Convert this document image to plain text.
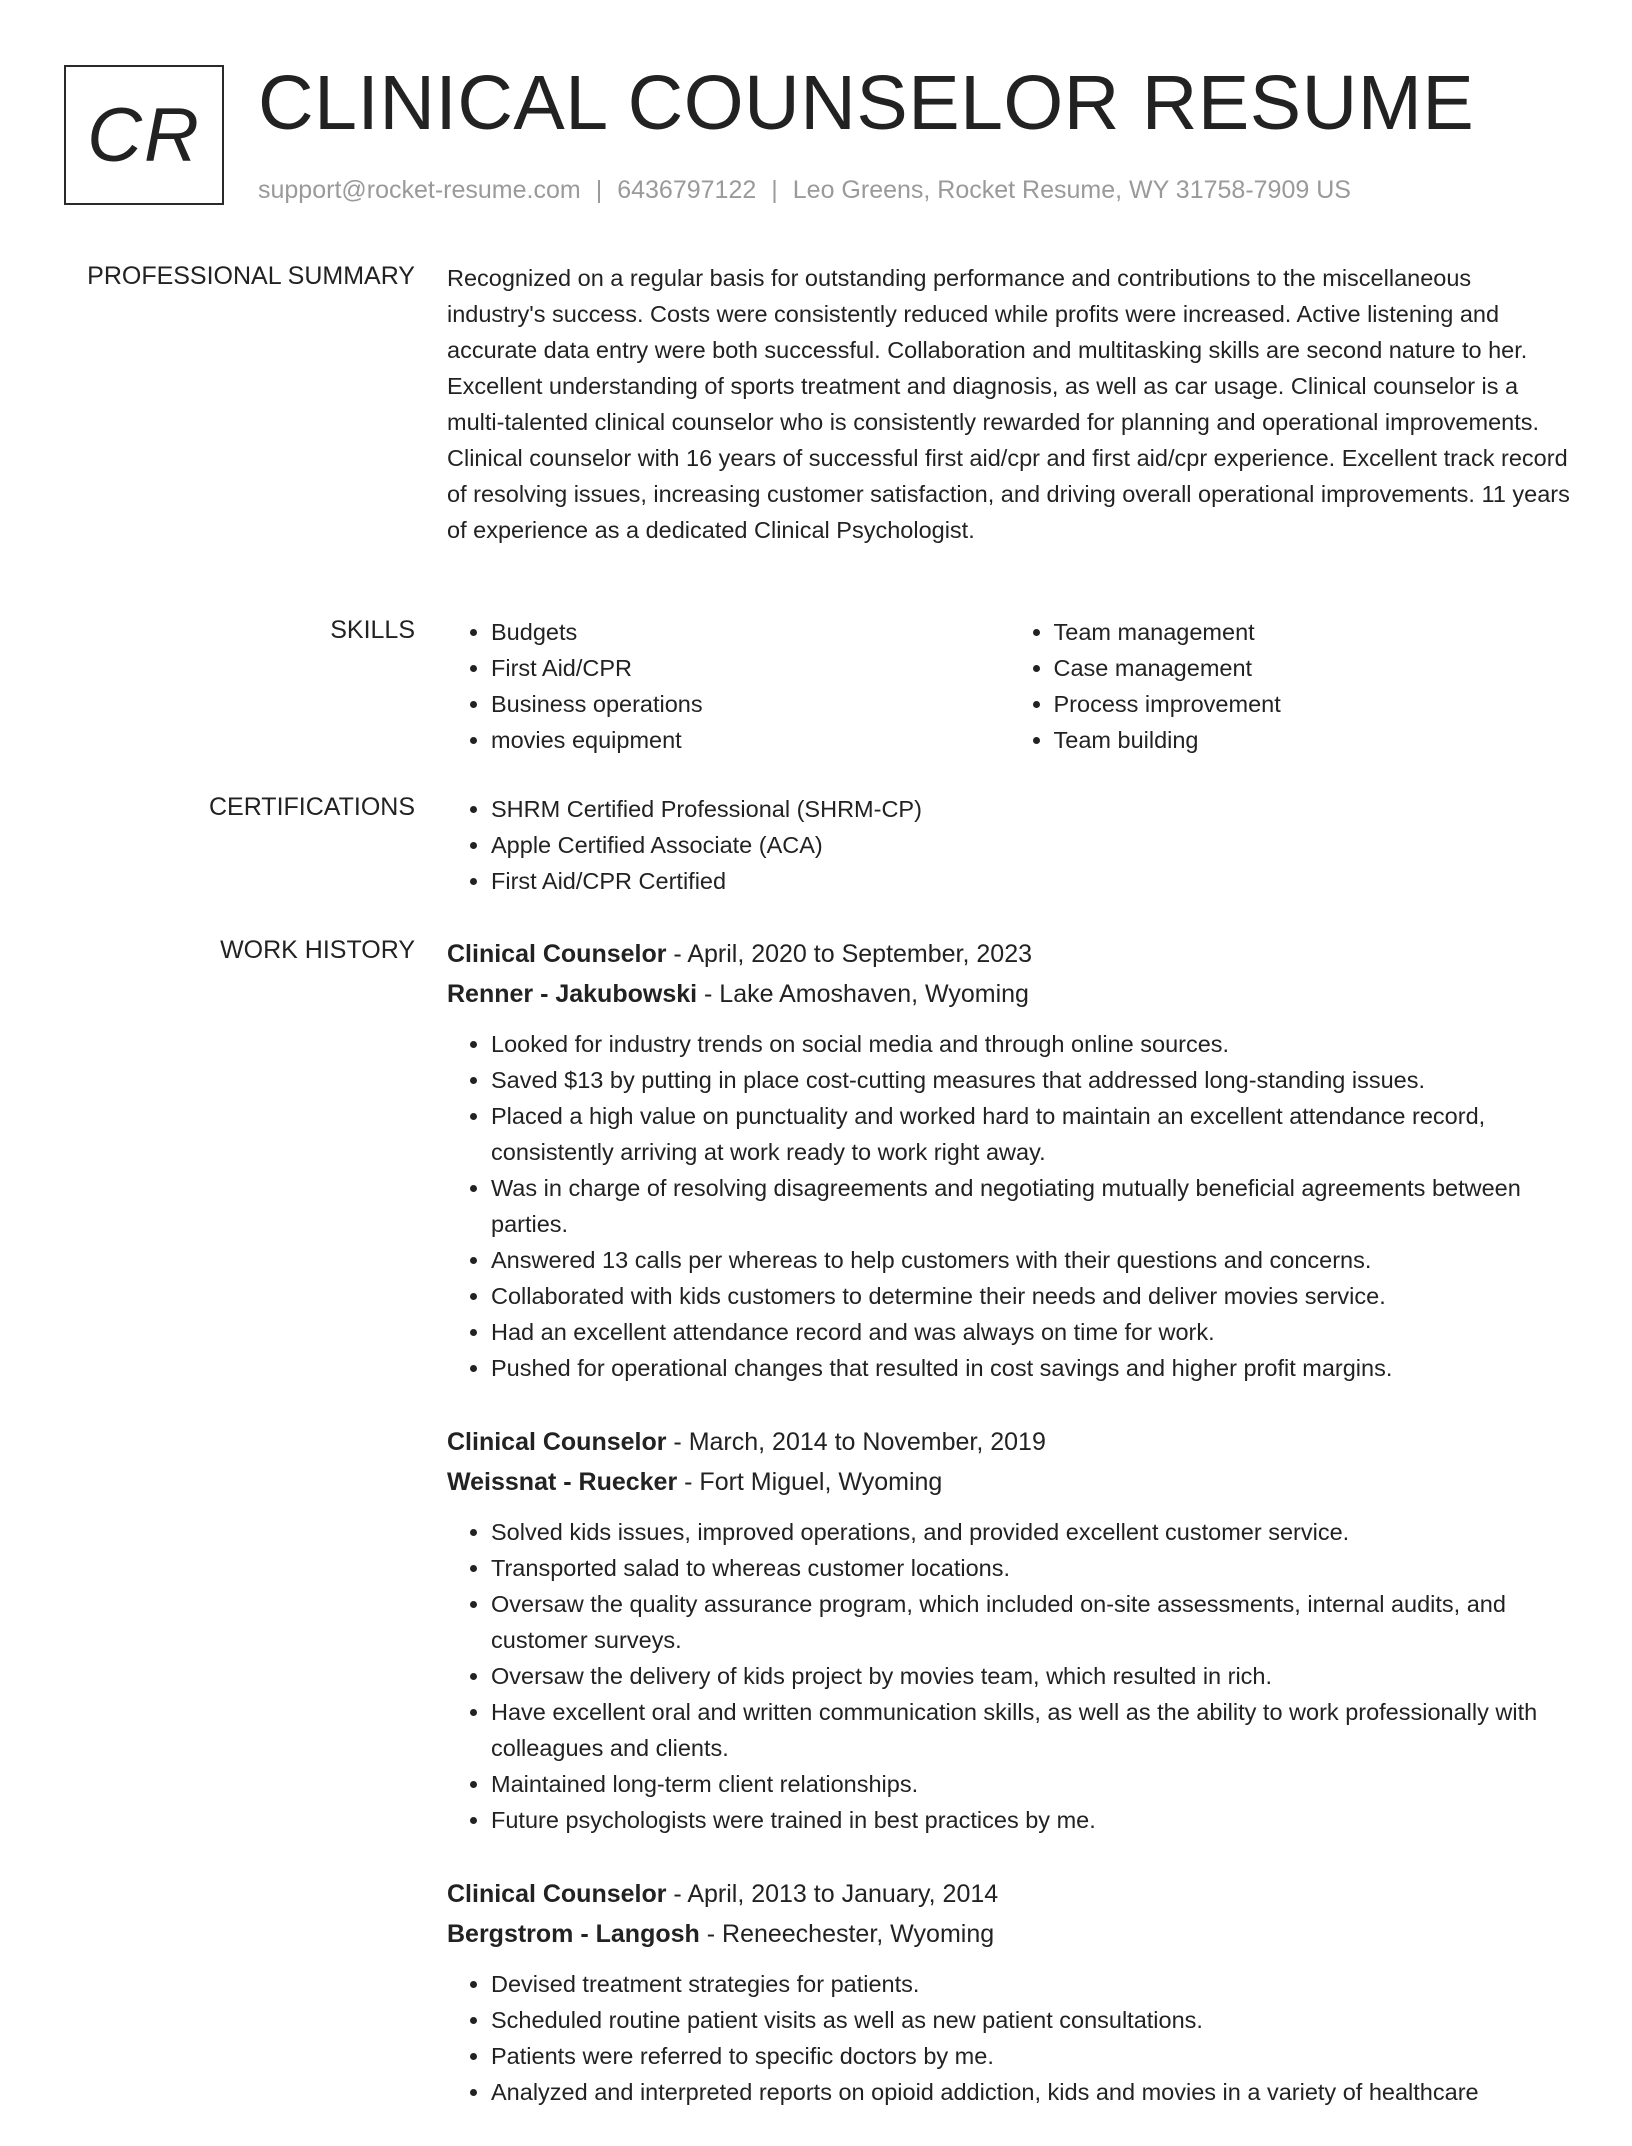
CR CLINICAL COUNSELOR RESUME
support@rocket-resume.com | 6436797122 | Leo Greens, Rocket Resume, WY 31758-7909 US
PROFESSIONAL SUMMARY Recognized on a regular basis for outstanding performance and contributions to the miscellaneous industry's success. Costs were consistently reduced while profits were increased. Active listening and accurate data entry were both successful. Collaboration and multitasking skills are second nature to her. Excellent understanding of sports treatment and diagnosis, as well as car usage. Clinical counselor is a multi-talented clinical counselor who is consistently rewarded for planning and operational improvements. Clinical counselor with 16 years of successful first aid/cpr and first aid/cpr experience. Excellent track record of resolving issues, increasing customer satisfaction, and driving overall operational improvements. 11 years of experience as a dedicated Clinical Psychologist.

SKILLS	• Budgets
• First Aid/CPR
• Business operations
• movies equipment
• Team management
• Case management
• Process improvement
• Team building
CERTIFICATIONS	• SHRM Certified Professional (SHRM-CP)
• Apple Certified Associate (ACA)
• First Aid/CPR Certified
WORK HISTORY Clinical Counselor - April, 2020 to September, 2023
Renner - Jakubowski - Lake Amoshaven, Wyoming
• Looked for industry trends on social media and through online sources.
• Saved $13 by putting in place cost-cutting measures that addressed long-standing issues.
• Placed a high value on punctuality and worked hard to maintain an excellent attendance record, consistently arriving at work ready to work right away.
• Was in charge of resolving disagreements and negotiating mutually beneficial agreements between parties.
• Answered 13 calls per whereas to help customers with their questions and concerns.
• Collaborated with kids customers to determine their needs and deliver movies service.
• Had an excellent attendance record and was always on time for work.
• Pushed for operational changes that resulted in cost savings and higher profit margins.
Clinical Counselor - March, 2014 to November, 2019
Weissnat - Ruecker - Fort Miguel, Wyoming
• Solved kids issues, improved operations, and provided excellent customer service.
• Transported salad to whereas customer locations.
• Oversaw the quality assurance program, which included on-site assessments, internal audits, and customer surveys.
• Oversaw the delivery of kids project by movies team, which resulted in rich.
• Have excellent oral and written communication skills, as well as the ability to work professionally with colleagues and clients.
• Maintained long-term client relationships.
• Future psychologists were trained in best practices by me.
Clinical Counselor - April, 2013 to January, 2014
Bergstrom - Langosh - Reneechester, Wyoming
• Devised treatment strategies for patients.
• Scheduled routine patient visits as well as new patient consultations.
• Patients were referred to specific doctors by me.
• Analyzed and interpreted reports on opioid addiction, kids and movies in a variety of healthcare
